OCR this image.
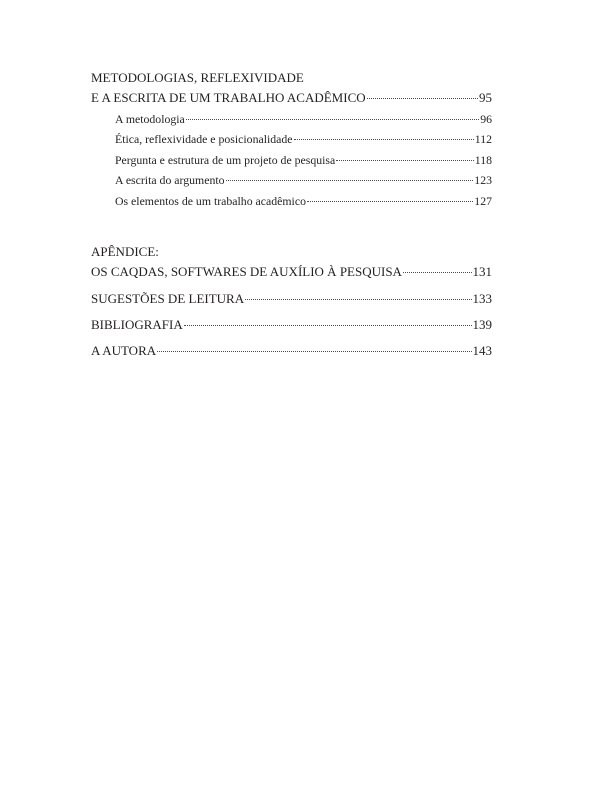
METODOLOGIAS, REFLEXIVIDADE
E A ESCRITA DE UM TRABALHO ACADÊMICO	95
A metodologia	96
Ética, reflexividade e posicionalidade	112
Pergunta e estrutura de um projeto de pesquisa	118
A escrita do argumento	123
Os elementos de um trabalho acadêmico	127
APÊNDICE:
OS CAQDAS, SOFTWARES DE AUXÍLIO À PESQUISA	131
SUGESTÕES DE LEITURA	133
BIBLIOGRAFIA	139
A AUTORA	143
